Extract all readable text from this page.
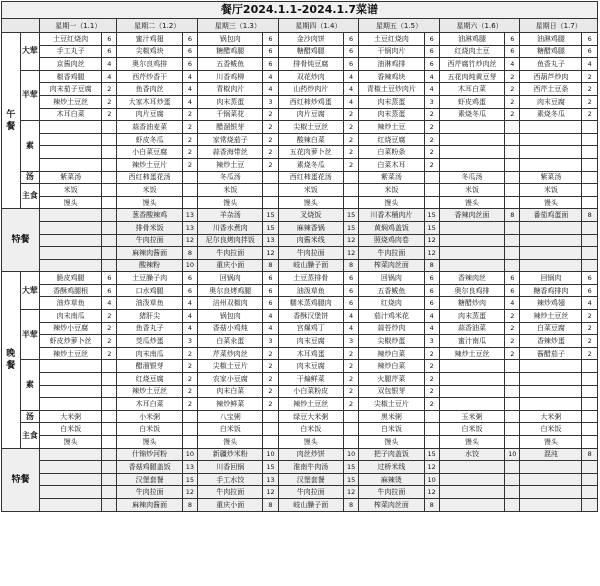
餐厅2024.1.1-2024.1.7菜谱															
		星期一（1.1）		星期二（1.2）		星期三（1.3）		星期四（1.4）		星期五（1.5）		星期六（1.6）		星期日（1.7）	
午餐	大荤	土豆红烧肉	6	蜜汁鸡翅	6	锅包肉	6	金沙肉饼	6	土豆红烧肉	6	油淋鸡腿	6	油淋鸡腿	6
		手工丸子	6	尖椒鸡块	6	糖醋鸡腿	6	糖醋鸡腿	6	干锅肉片	6	红烧肉土豆	6	糖醋鸡腿	6
		京酱肉丝	4	奥尔良鸡排	6	五香鲅鱼	6	排骨炖豆腐	6	油淋鸡排	6	西芹腐竹炒肉丝	4	鱼香丸子	4
	半荤	椒香鸡腿	4	西芹炒香干	4	川香鸡柳	4	双花炒肉	4	香辣鸡块	4	五花肉炖黄豆芽	2	西葫芦炒肉	2
		肉末茄子豆腐	2	鱼香肉丝	4	青椒肉片	4	山药炒肉片	4	青椒土豆炒肉片	4	木耳白菜	2	西芹土豆条	2
		辣炒土豆丝	2	大家木耳炒蛋	4	肉末蒸蛋	3	西红柿炒鸡蛋	4	肉末蒸蛋	3	虾皮鸡蛋	2	肉末豆腐	2
		木耳白菜	2	肉片豆腐	2	千锅菜花	2	肉片豆腐	2	肉末蒸蛋	2	素烧冬瓜	2	素烧冬瓜	2
	素			蒜香油麦菜	2	醋溜银芽	2	尖椒土豆丝	2	辣炒土豆	2				
				虾皮冬瓜	2	家常烧茄子	2	酸辣白菜	2	红烧豆腐	2				
				小白菜豆腐	2	蒜香海带丝	2	五花肉萝卜丝	2	白菜粉条	2				
				辣炒土豆片	2	辣炒土豆	2	素烧冬瓜	2	白菜木耳	2				
	汤	紫菜汤		西红柿蛋花汤		冬瓜汤		西红柿蛋花汤		紫菜汤		冬瓜汤		紫菜汤	
	主食	米饭		米饭		米饭		米饭		米饭		米饭		米饭	
		馒头		馒头		馒头		馒头		馒头		馒头		馒头	
特餐				葱香酸辣鸡	13	羊杂汤	15	叉烧饭	15	川香木桶肉片	15	香辣肉丝面	8	番茄鸡蛋面	8
				排骨米饭	13	川香水煮肉	15	麻辣香锅	15	黄焖鸡盖饭	15				
				牛肉拉面	12	尼尔良烤肉拌饭	13	肉酱米线	12	照烧鸡肉卷	12				
				麻辣肉酱面	8	牛肉拉面	12	牛肉拉面	12	牛肉拉面	12				
				酸辣粉	10	重庆小面	8	岐山臊子面	8	榨菜肉丝面	8				
晚餐	大荤	脆皮鸡腿	6	土豆臊子肉	6	回锅肉	6	土豆蒸排骨	6	回锅肉	6	香辣肉丝	6	回锅肉	6
		香酥鸡腿根	6	口水鸡腿	6	奥尔良烤鸡腿	6	油泼草鱼	6	五香鲅鱼	6	奥尔良鸡排	6	糖香鸡排肉	6
		油炸草鱼	4	油泼草鱼	4	涪州双椒肉	6	糯米蒸鸡腿肉	6	红烧肉	6	糖醋炒肉	4	辣炒鸡翅	4
	半荤	肉末南瓜	2	猪肝尖	4	锅包肉	4	香酥汉堡饼	4	茄汁鸡米花	4	肉末蒸蛋	2	辣炒土豆丝	2
		辣炒小豆腐	2	鱼香丸子	4	香菇小鸡炖	4	宫爆鸡丁	4	蒜苔炒肉	4	蒜香油菜	2	白菜豆腐	2
		虾皮炒萝卜丝	2	茭瓜炒蛋	3	白菜汆蛋	3	肉末豆腐	3	尖椒炒蛋	3	蜜汁南瓜	2	香辣炒蛋	2
		辣炒土豆丝	2	肉末南瓜	2	芹菜炒肉丝	2	木耳鸡蛋	2	辣炒白菜	2	辣炒土豆丝	2	酱醋茄子	2
	素			醋溜银芽	2	尖椒土豆片	2	肉末豆腐	2	辣炒白菜	2				
				红烧豆腐	2	农家小豆腐	2	干煸鲜菜	2	火腿芹菜	2				
				辣炒土豆丝	2	肉末白菜	2	小白菜粉皮	2	双包银芽	2				
				木耳白菜	2	辣炒鲜菜	2	辣炒土豆丝	2	尖椒土豆片	2				
	汤	大米粥		小米粥		八宝粥		绿豆大米粥		黑米粥		玉米粥		大米粥	
	主食	白米饭		白米饭		白米饭		白米饭		白米饭		白米饭		白米饭	
		馒头		馒头		馒头		馒头		馒头		馒头		馒头	
特餐				什锦炒河粉	10	新疆炒米粉	10	肉丝炒饼	10	把子肉盖饭	15	水饺	10	混沌	8
				香菇鸡腿盖饭	13	川香回锅	15	淮南牛肉汤	15	过桥米线	12				
				汉堡套餐	15	手工水饺	13	汉堡套餐	15	麻辣烫	10				
				牛肉拉面	12	牛肉拉面	12	牛肉拉面	12	牛肉拉面	12				
				麻辣肉酱面	8	重庆小面	8	岐山臊子面	8	榨菜肉丝面	8				
